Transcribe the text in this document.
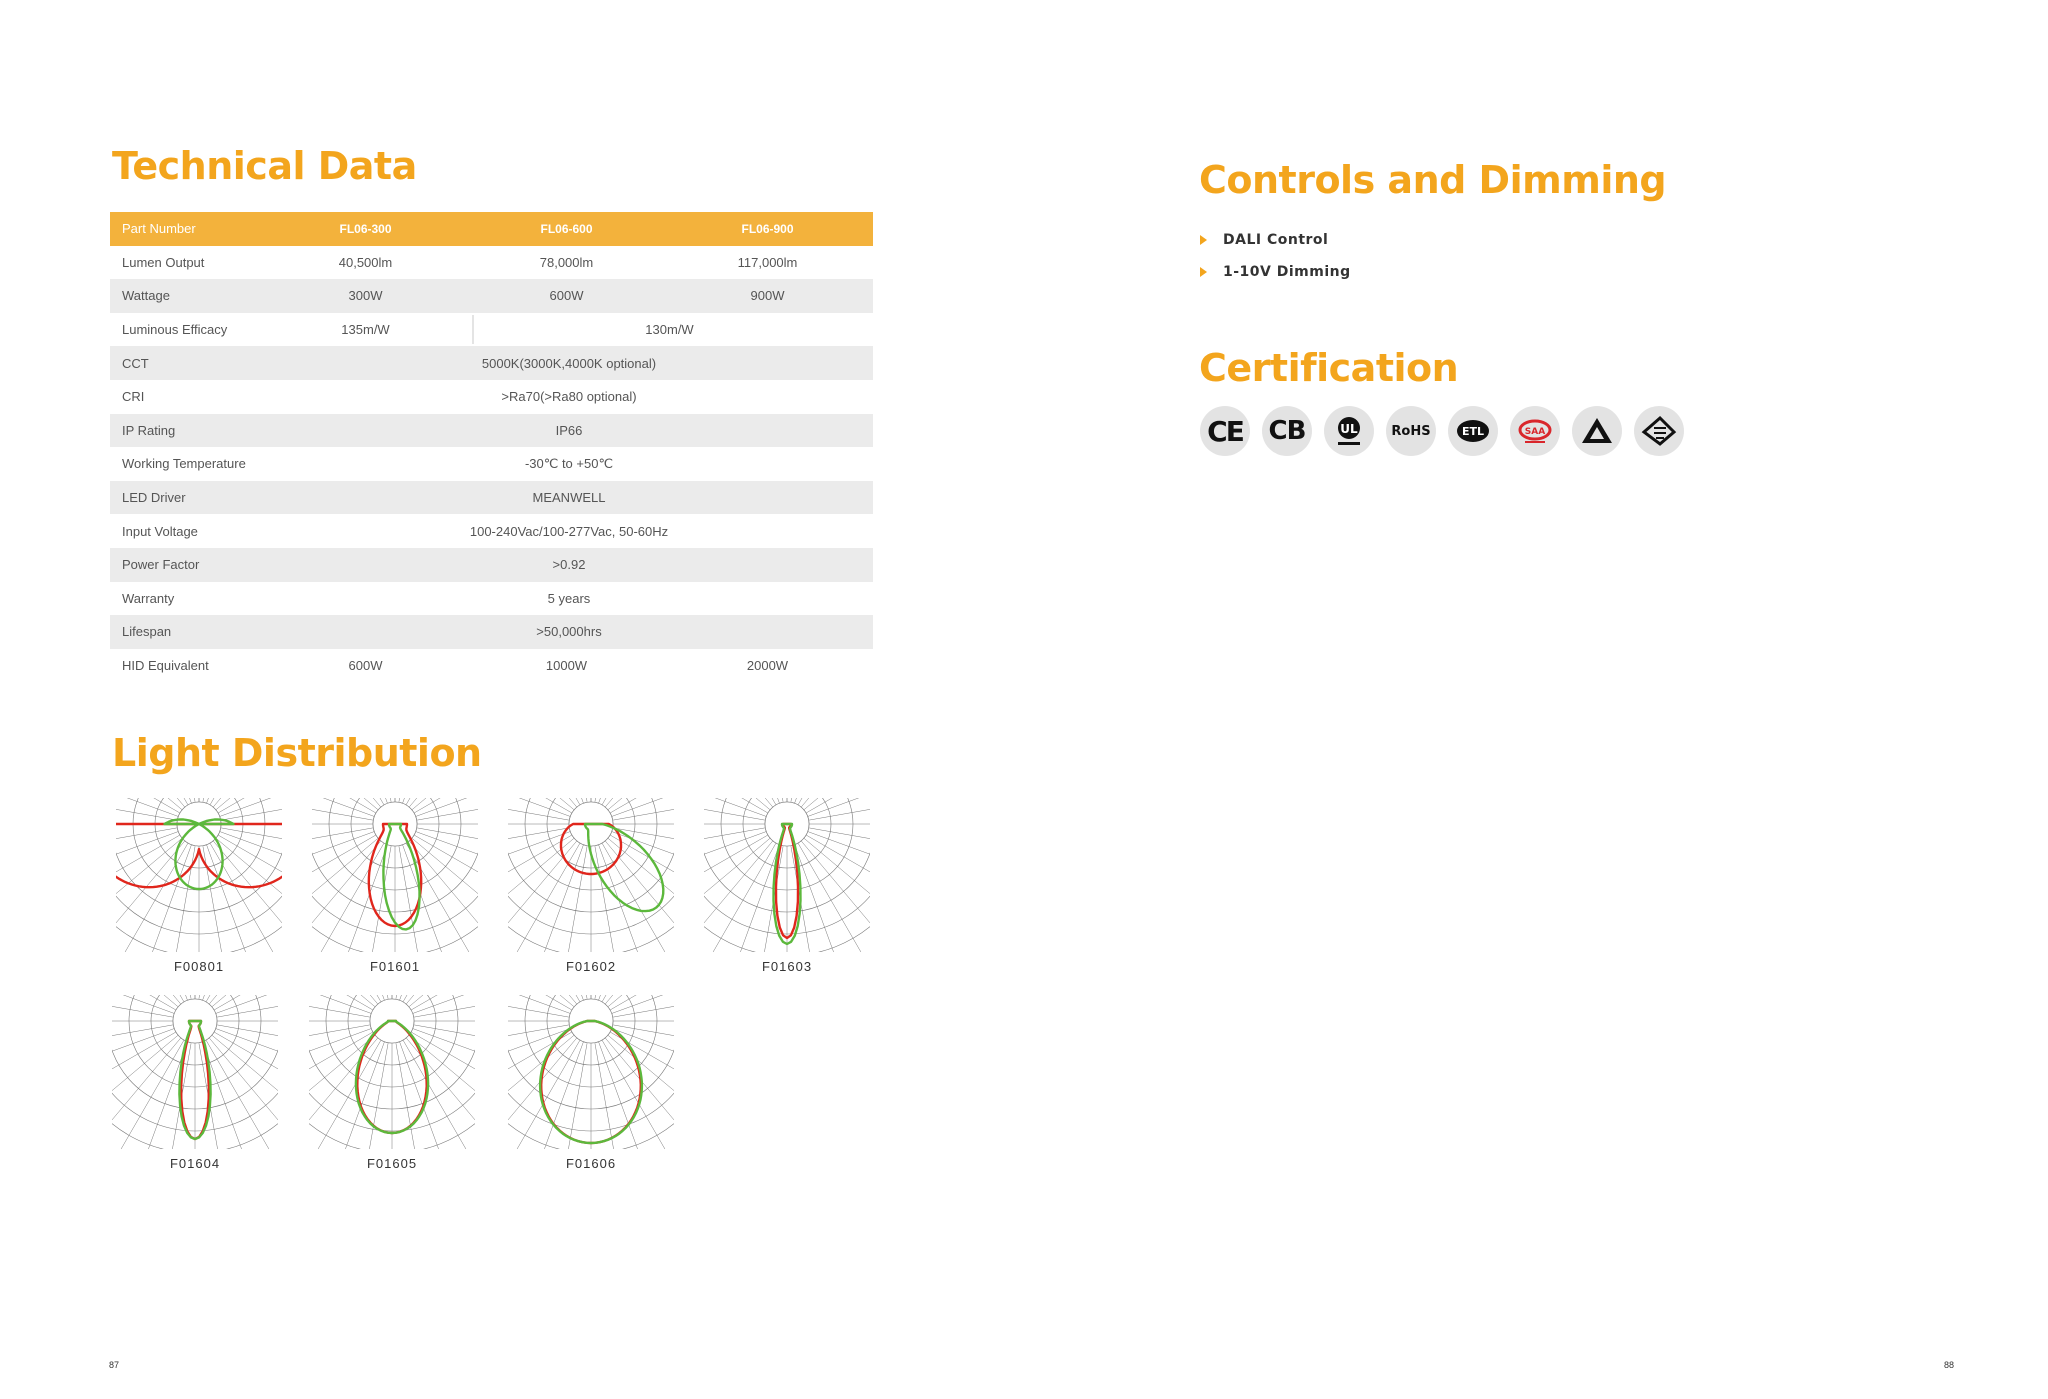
Technical Data
Part Number	FL06-300	FL06-600	FL06-900
Lumen Output	40,500lm	78,000lm	117,000lm
Wattage	300W	600W	900W
Luminous Efficacy	135m/W	130m/W
CCT	5000K(3000K,4000K optional)
CRI	>Ra70(>Ra80 optional)
IP Rating	IP66
Working Temperature	-30℃ to +50℃
LED Driver	MEANWELL
Input Voltage	100-240Vac/100-277Vac, 50-60Hz
Power Factor	>0.92
Warranty	5 years
Lifespan	>50,000hrs
HID Equivalent	600W	1000W	2000W
Light Distribution
F00801	F01601	F01602	F01603
F01604	F01605	F01606
87
Controls and Dimming
DALI Control
1-10V Dimming
Certification
CE CB	UL	RoHS	ETL	SAA
88
